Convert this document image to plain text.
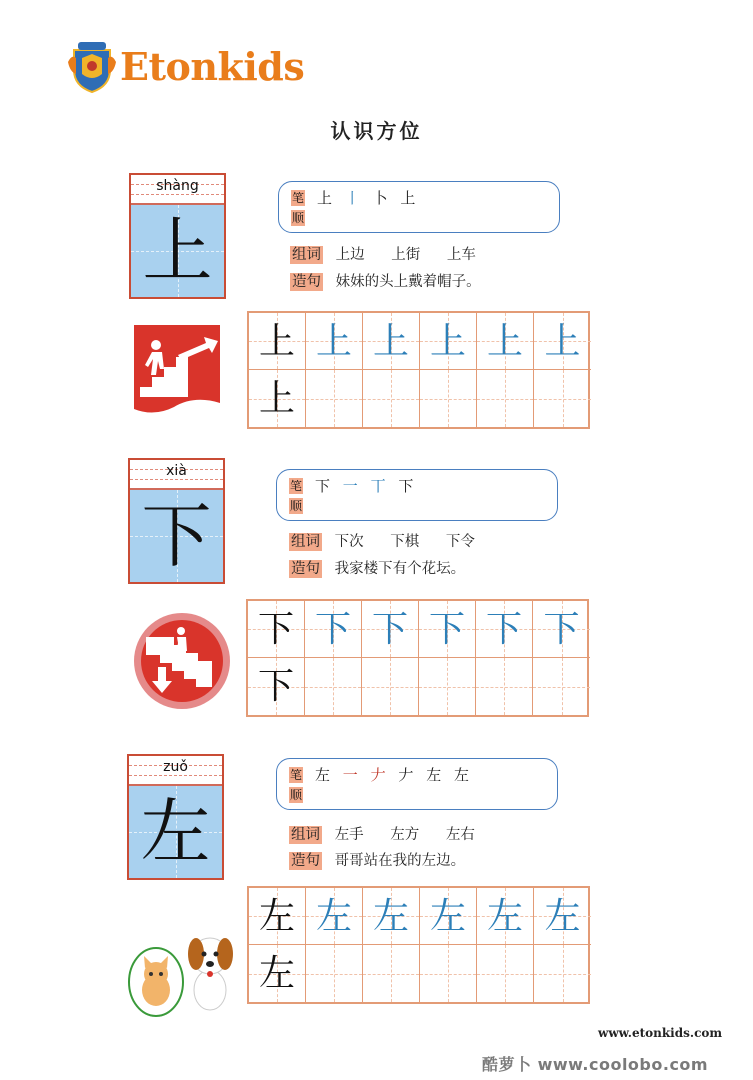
Etonkids
认识方位
shàng
上
笔
顺
上 丨 卜 上
组词 上边 上街 上车
造句 妹妹的头上戴着帽子。
上 上 上 上 上 上
上
xià
下
笔
顺
下 一 丅 下
组词 下次 下棋 下令
造句 我家楼下有个花坛。
下 下 下 下 下 下
下
zuǒ
左
笔
顺
左 一 𠂇 𠂇 左 左
组词 左手 左方 左右
造句 哥哥站在我的左边。
左 左 左 左 左 左
左
www.etonkids.com
酷萝卜 www.coolobo.com
